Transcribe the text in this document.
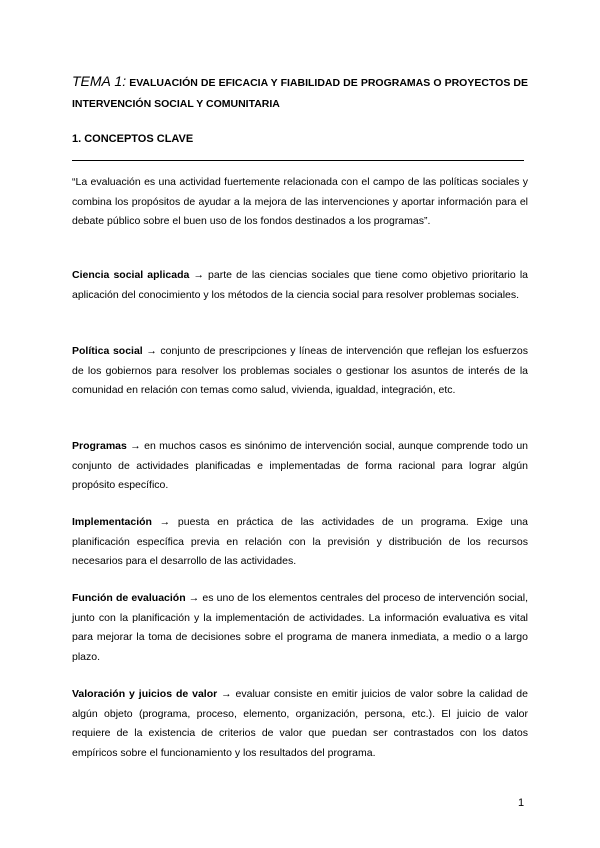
TEMA 1: EVALUACIÓN DE EFICACIA Y FIABILIDAD DE PROGRAMAS O PROYECTOS DE INTERVENCIÓN SOCIAL Y COMUNITARIA
1. CONCEPTOS CLAVE

“La evaluación es una actividad fuertemente relacionada con el campo de las políticas sociales y combina los propósitos de ayudar a la mejora de las intervenciones y aportar información para el debate público sobre el buen uso de los fondos destinados a los programas”.

Ciencia social aplicada → parte de las ciencias sociales que tiene como objetivo prioritario la aplicación del conocimiento y los métodos de la ciencia social para resolver problemas sociales.

Política social → conjunto de prescripciones y líneas de intervención que reflejan los esfuerzos de los gobiernos para resolver los problemas sociales o gestionar los asuntos de interés de la comunidad en relación con temas como salud, vivienda, igualdad, integración, etc.

Programas → en muchos casos es sinónimo de intervención social, aunque comprende todo un conjunto de actividades planificadas e implementadas de forma racional para lograr algún propósito específico.

Implementación → puesta en práctica de las actividades de un programa. Exige una planificación específica previa en relación con la previsión y distribución de los recursos necesarios para el desarrollo de las actividades.

Función de evaluación → es uno de los elementos centrales del proceso de intervención social, junto con la planificación y la implementación de actividades. La información evaluativa es vital para mejorar la toma de decisiones sobre el programa de manera inmediata, a medio o a largo plazo.

Valoración y juicios de valor → evaluar consiste en emitir juicios de valor sobre la calidad de algún objeto (programa, proceso, elemento, organización, persona, etc.). El juicio de valor requiere de la existencia de criterios de valor que puedan ser contrastados con los datos empíricos sobre el funcionamiento y los resultados del programa.

1
